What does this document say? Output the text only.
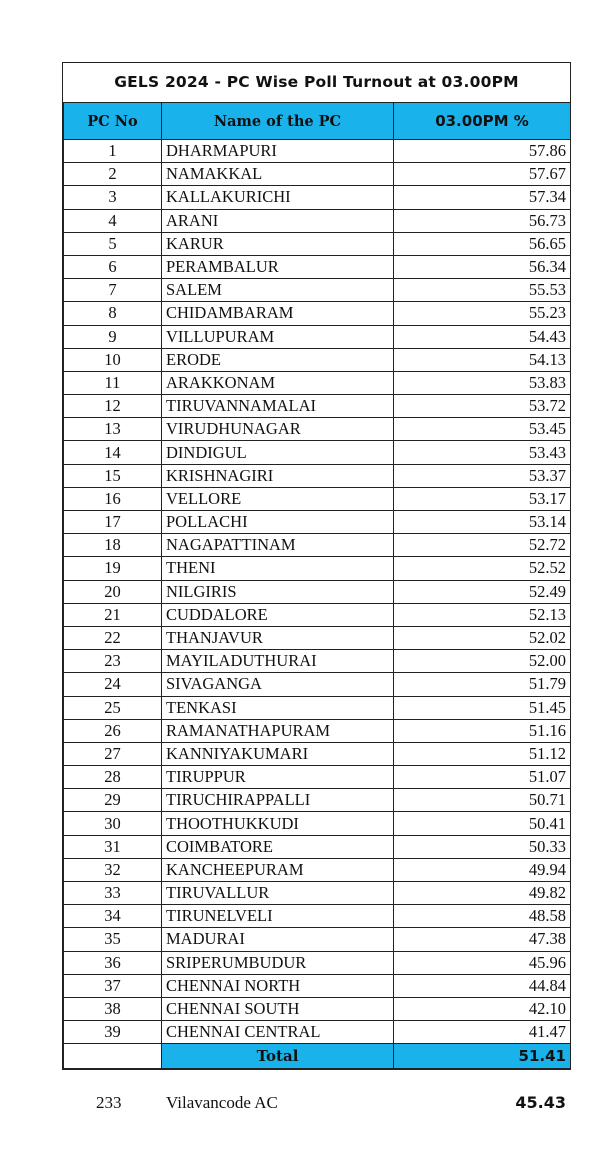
GELS 2024 - PC Wise Poll Turnout at 03.00PM
PC No	Name of the PC	03.00PM %
1	DHARMAPURI	57.86
2	NAMAKKAL	57.67
3	KALLAKURICHI	57.34
4	ARANI	56.73
5	KARUR	56.65
6	PERAMBALUR	56.34
7	SALEM	55.53
8	CHIDAMBARAM	55.23
9	VILLUPURAM	54.43
10	ERODE	54.13
11	ARAKKONAM	53.83
12	TIRUVANNAMALAI	53.72
13	VIRUDHUNAGAR	53.45
14	DINDIGUL	53.43
15	KRISHNAGIRI	53.37
16	VELLORE	53.17
17	POLLACHI	53.14
18	NAGAPATTINAM	52.72
19	THENI	52.52
20	NILGIRIS	52.49
21	CUDDALORE	52.13
22	THANJAVUR	52.02
23	MAYILADUTHURAI	52.00
24	SIVAGANGA	51.79
25	TENKASI	51.45
26	RAMANATHAPURAM	51.16
27	KANNIYAKUMARI	51.12
28	TIRUPPUR	51.07
29	TIRUCHIRAPPALLI	50.71
30	THOOTHUKKUDI	50.41
31	COIMBATORE	50.33
32	KANCHEEPURAM	49.94
33	TIRUVALLUR	49.82
34	TIRUNELVELI	48.58
35	MADURAI	47.38
36	SRIPERUMBUDUR	45.96
37	CHENNAI NORTH	44.84
38	CHENNAI SOUTH	42.10
39	CHENNAI CENTRAL	41.47
	Total	51.41
233	Vilavancode AC	45.43
